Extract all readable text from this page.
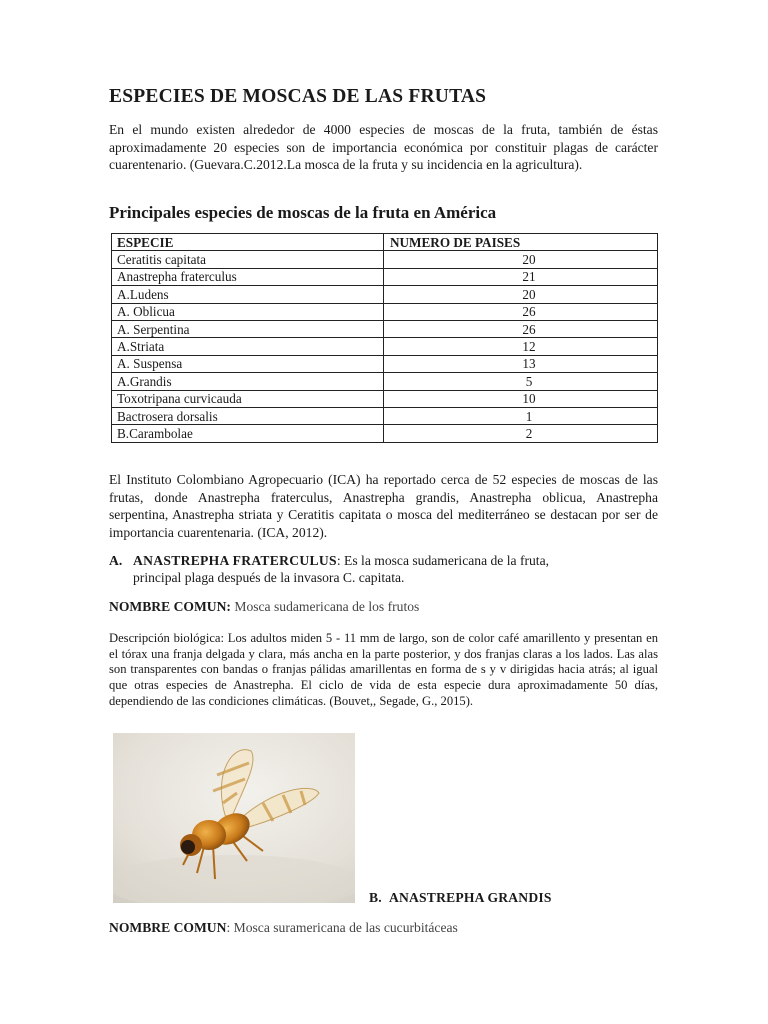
ESPECIES DE MOSCAS DE LAS FRUTAS

En el mundo existen alrededor de 4000 especies de moscas de la fruta, también de éstas aproximadamente 20 especies son de importancia económica por constituir plagas de carácter cuarentenario. (Guevara.C.2012.La mosca de la fruta y su incidencia en la agricultura).

Principales especies de moscas de la fruta en América
ESPECIE	NUMERO DE PAISES
Ceratitis capitata	20
Anastrepha fraterculus	21
A.Ludens	20
A. Oblicua	26
A. Serpentina	26
A.Striata	12
A. Suspensa	13
A.Grandis	5
Toxotripana curvicauda	10
Bactrosera dorsalis	1
B.Carambolae	2

El Instituto Colombiano Agropecuario (ICA) ha reportado cerca de 52 especies de moscas de las frutas, donde Anastrepha fraterculus, Anastrepha grandis, Anastrepha oblicua, Anastrepha serpentina, Anastrepha striata y Ceratitis capitata o mosca del mediterráneo se destacan por ser de importancia cuarentenaria. (ICA, 2012).

A. ANASTREPHA FRATERCULUS: Es la mosca sudamericana de la fruta,

principal plaga después de la invasora C. capitata.

NOMBRE COMUN: Mosca sudamericana de los frutos

Descripción biológica: Los adultos miden 5 - 11 mm de largo, son de color café amarillento y presentan en el tórax una franja delgada y clara, más ancha en la parte posterior, y dos franjas claras a los lados. Las alas son transparentes con bandas o franjas pálidas amarillentas en forma de s y v dirigidas hacia atrás; al igual que otras especies de Anastrepha. El ciclo de vida de esta especie dura aproximadamente 50 días, dependiendo de las condiciones climáticas. (Bouvet,, Segade, G., 2015).

B. ANASTREPHA GRANDIS

NOMBRE COMUN: Mosca suramericana de las cucurbitáceas
